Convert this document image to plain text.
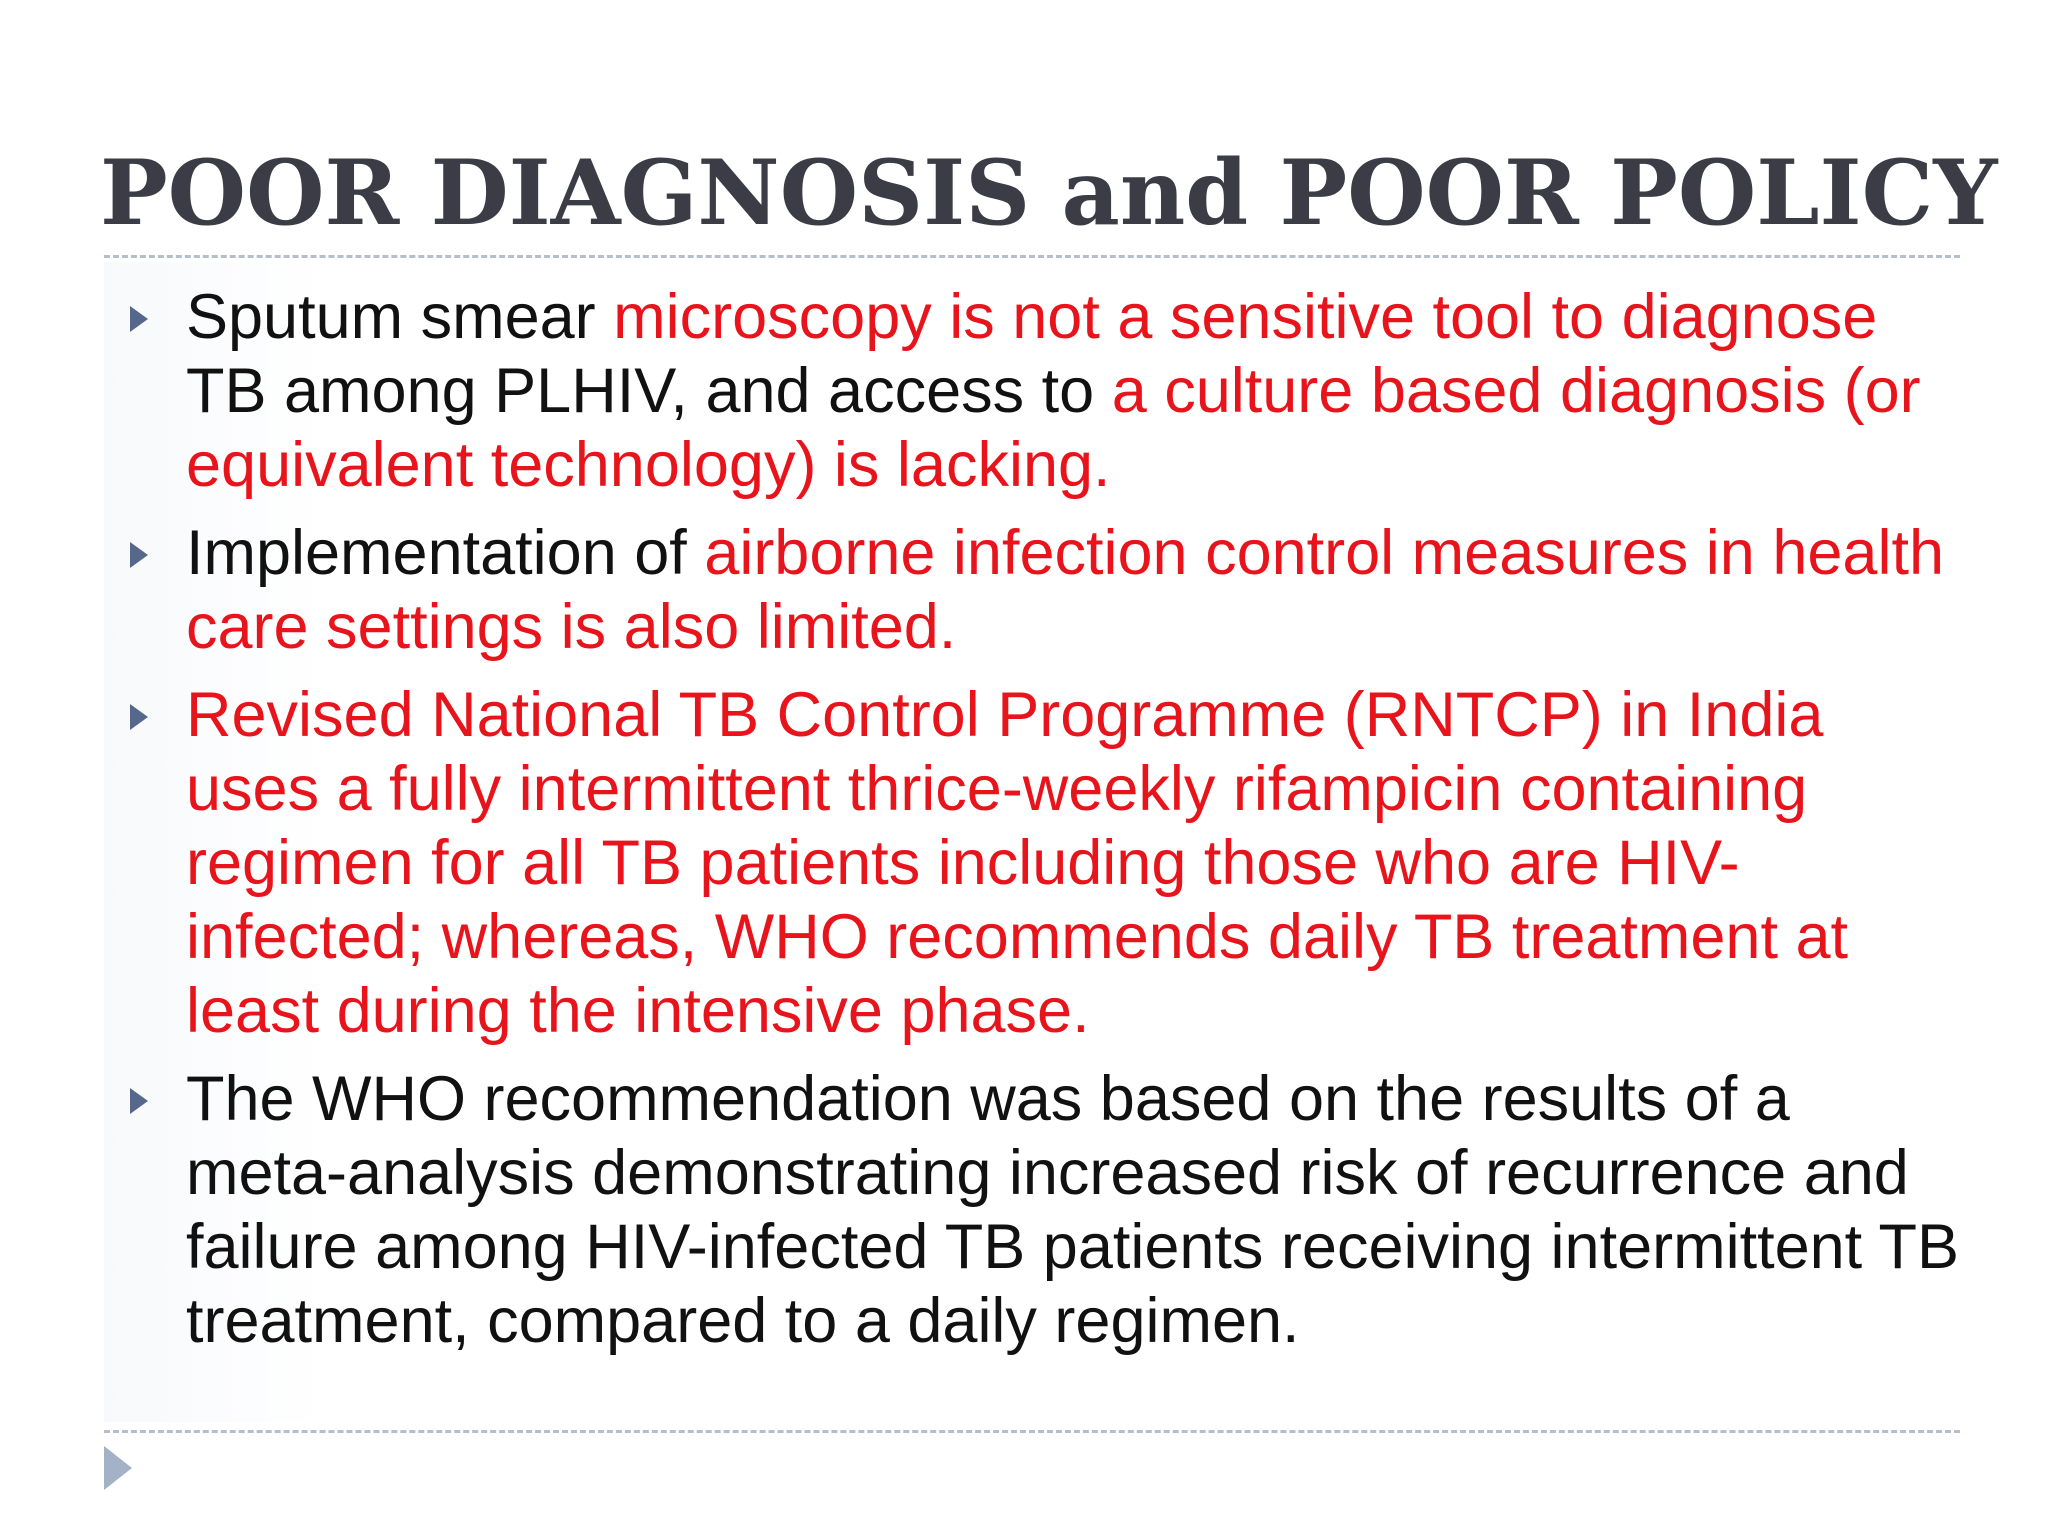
POOR DIAGNOSIS and POOR POLICY
Sputum smear microscopy is not a sensitive tool to diagnose TB among PLHIV, and access to a culture based diagnosis (or equivalent technology) is lacking.
Implementation of airborne infection control measures in health care settings is also limited.
Revised National TB Control Programme (RNTCP) in India uses a fully intermittent thrice-weekly rifampicin containing regimen for all TB patients including those who are HIV-infected; whereas, WHO recommends daily TB treatment at least during the intensive phase.
The WHO recommendation was based on the results of a meta-analysis demonstrating increased risk of recurrence and failure among HIV-infected TB patients receiving intermittent TB treatment, compared to a daily regimen.
